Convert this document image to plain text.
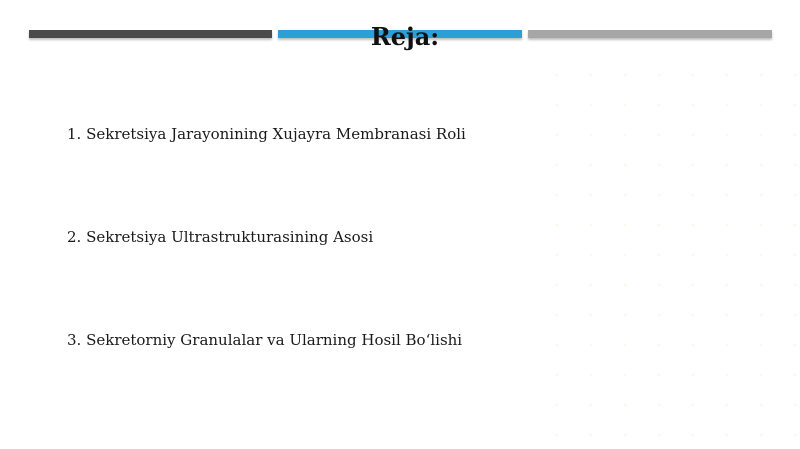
Reja:
1. Sekretsiya Jarayonining Xujayra Membranasi Roli
2. Sekretsiya Ultrastrukturasining Asosi
3. Sekretorniy Granulalar va Ularning Hosil Bo‘lishi
